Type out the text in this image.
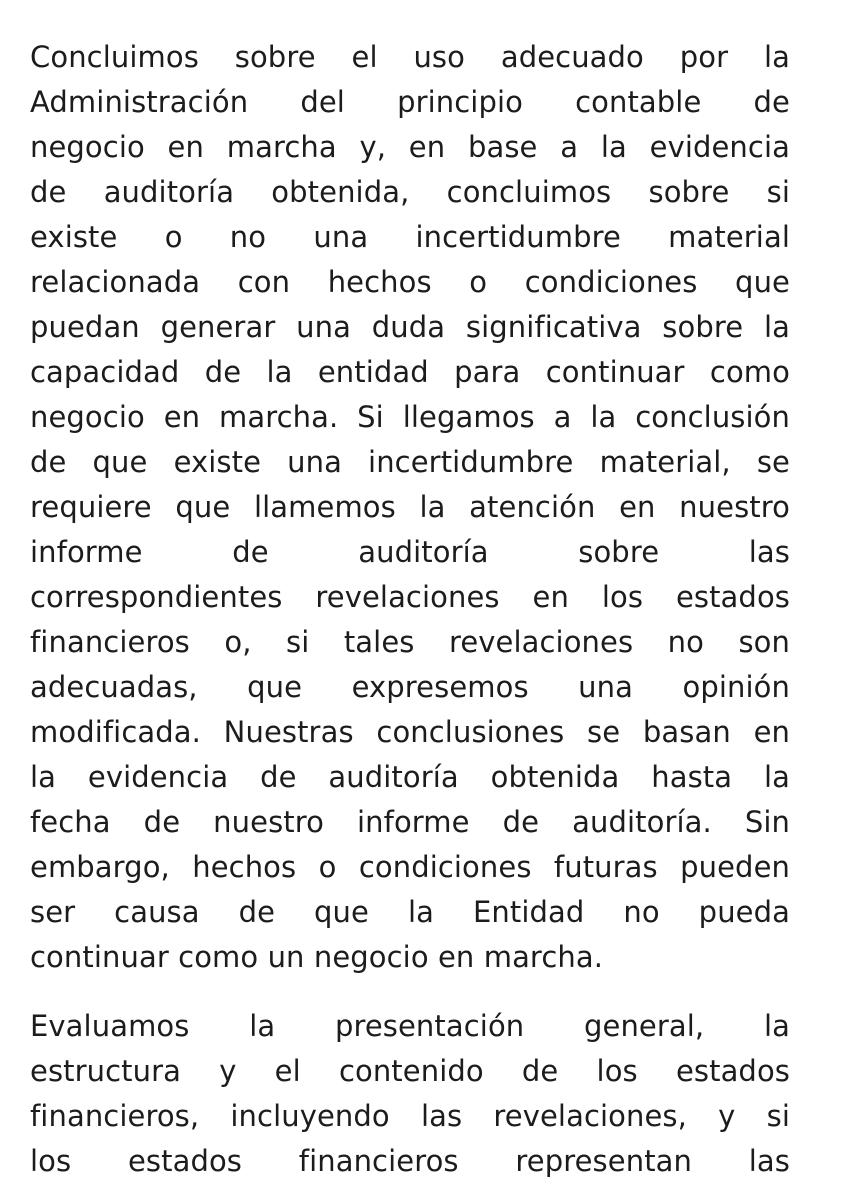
Concluimos sobre el uso adecuado por la
Administración del principio contable de
negocio en marcha y, en base a la evidencia
de auditoría obtenida, concluimos sobre si
existe o no una incertidumbre material
relacionada con hechos o condiciones que
puedan generar una duda significativa sobre la
capacidad de la entidad para continuar como
negocio en marcha. Si llegamos a la conclusión
de que existe una incertidumbre material, se
requiere que llamemos la atención en nuestro
informe de auditoría sobre las
correspondientes revelaciones en los estados
financieros o, si tales revelaciones no son
adecuadas, que expresemos una opinión
modificada. Nuestras conclusiones se basan en
la evidencia de auditoría obtenida hasta la
fecha de nuestro informe de auditoría. Sin
embargo, hechos o condiciones futuras pueden
ser causa de que la Entidad no pueda
continuar como un negocio en marcha.
Evaluamos la presentación general, la
estructura y el contenido de los estados
financieros, incluyendo las revelaciones, y si
los estados financieros representan las
